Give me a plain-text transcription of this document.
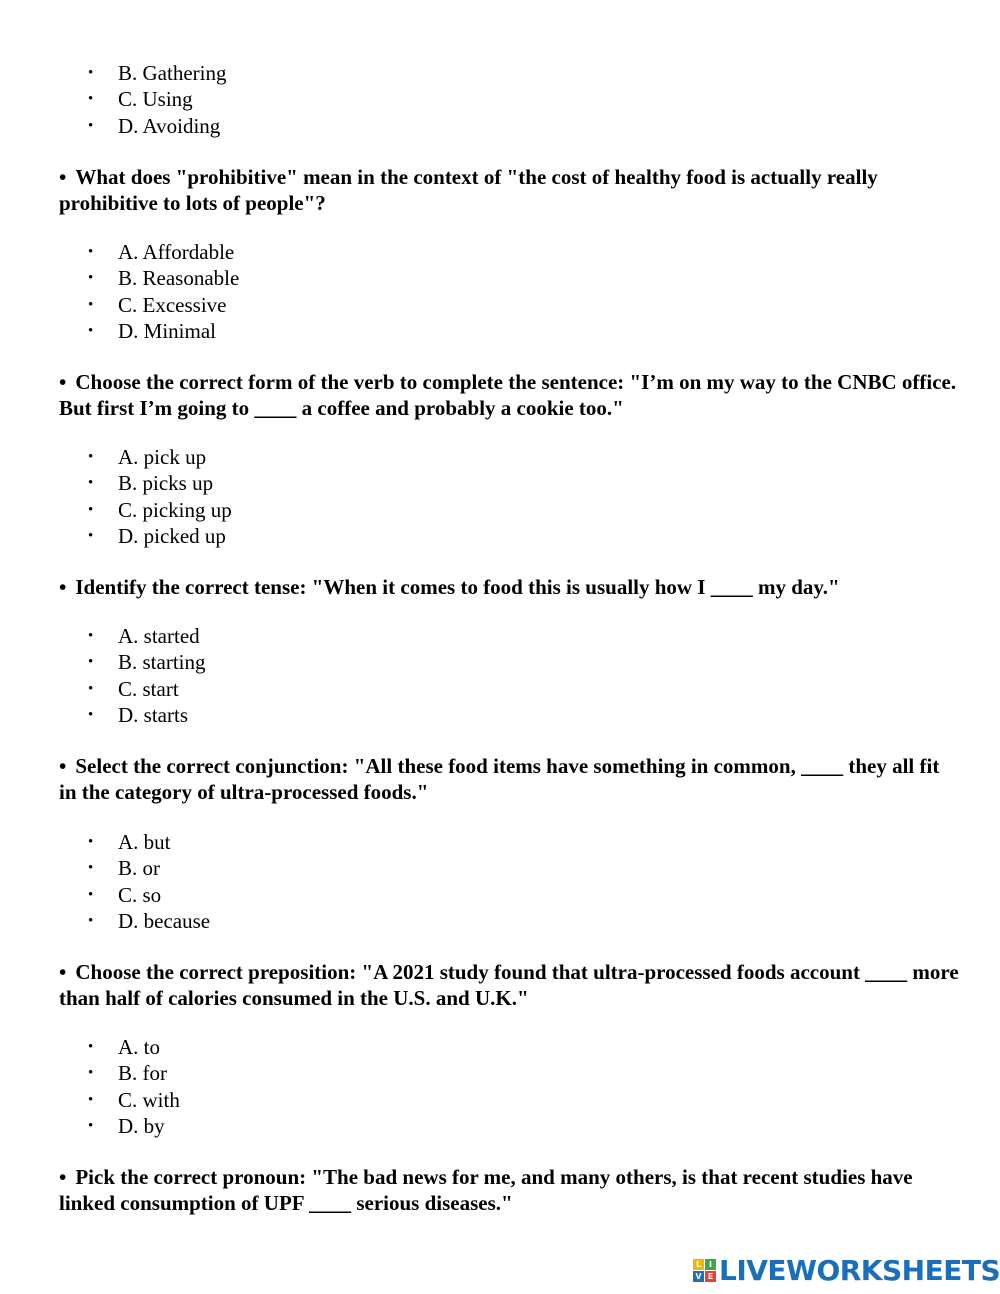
• B. Gathering
• C. Using
• D. Avoiding

• What does "prohibitive" mean in the context of "the cost of healthy food is actually really prohibitive to lots of people"?

• A. Affordable
• B. Reasonable
• C. Excessive
• D. Minimal

• Choose the correct form of the verb to complete the sentence: "I’m on my way to the CNBC office. But first I’m going to ____ a coffee and probably a cookie too."

• A. pick up
• B. picks up
• C. picking up
• D. picked up

• Identify the correct tense: "When it comes to food this is usually how I ____ my day."

• A. started
• B. starting
• C. start
• D. starts

• Select the correct conjunction: "All these food items have something in common, ____ they all fit in the category of ultra-processed foods."

• A. but
• B. or
• C. so
• D. because

• Choose the correct preposition: "A 2021 study found that ultra-processed foods account ____ more than half of calories consumed in the U.S. and U.K."

• A. to
• B. for
• C. with
• D. by

• Pick the correct pronoun: "The bad news for me, and many others, is that recent studies have linked consumption of UPF ____ serious diseases."

L I
V E LIVEWORKSHEETS
